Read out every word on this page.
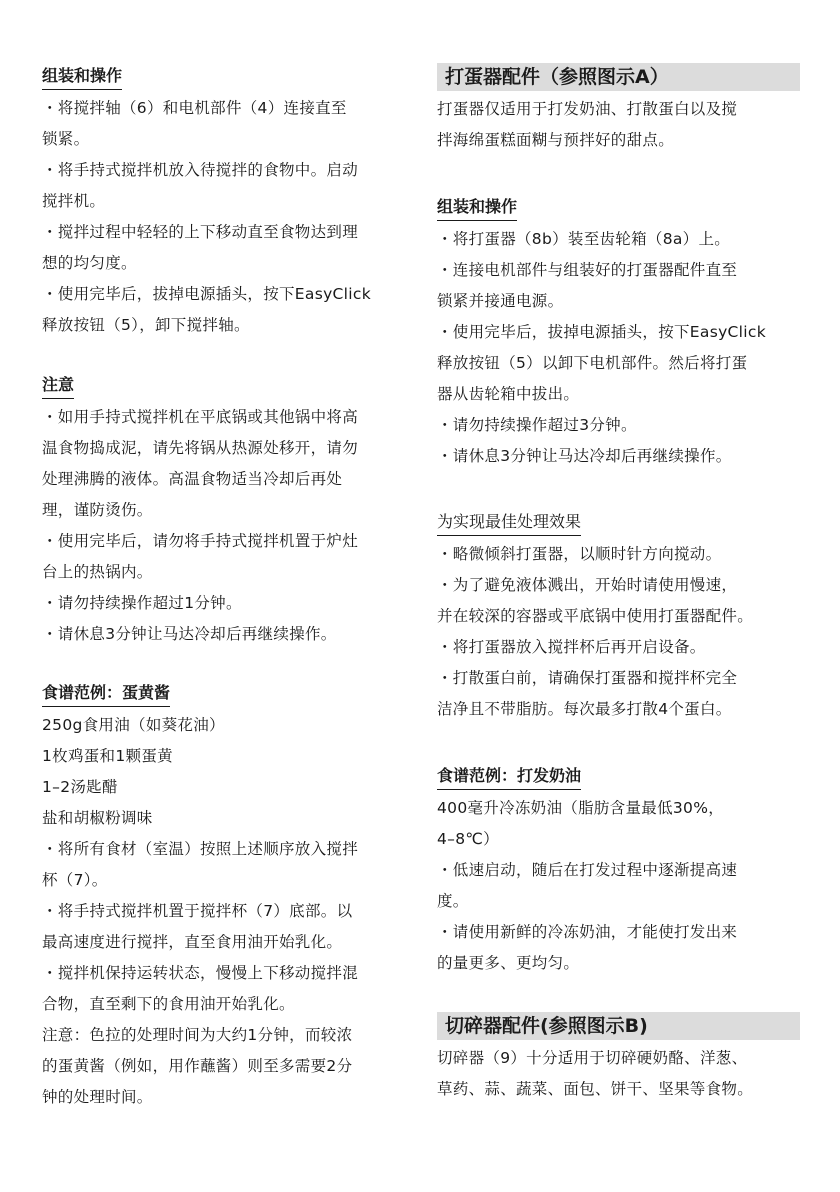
组装和操作
・将搅拌轴（6）和电机部件（4）连接直至
锁紧。
・将手持式搅拌机放入待搅拌的食物中。启动
搅拌机。
・搅拌过程中轻轻的上下移动直至食物达到理
想的均匀度。
・使用完毕后，拔掉电源插头，按下EasyClick
释放按钮（5），卸下搅拌轴。
注意
・如用手持式搅拌机在平底锅或其他锅中将高
温食物捣成泥，请先将锅从热源处移开，请勿
处理沸腾的液体。高温食物适当冷却后再处
理，谨防烫伤。
・使用完毕后，请勿将手持式搅拌机置于炉灶
台上的热锅内。
・请勿持续操作超过1分钟。
・请休息3分钟让马达冷却后再继续操作。
食谱范例：蛋黄酱
250g食用油（如葵花油）
1枚鸡蛋和1颗蛋黄
1–2汤匙醋
盐和胡椒粉调味
・将所有食材（室温）按照上述顺序放入搅拌
杯（7）。
・将手持式搅拌机置于搅拌杯（7）底部。以
最高速度进行搅拌，直至食用油开始乳化。
・搅拌机保持运转状态，慢慢上下移动搅拌混
合物，直至剩下的食用油开始乳化。
注意：色拉的处理时间为大约1分钟，而较浓
的蛋黄酱（例如，用作蘸酱）则至多需要2分
钟的处理时间。
打蛋器配件（参照图示A）
打蛋器仅适用于打发奶油、打散蛋白以及搅
拌海绵蛋糕面糊与预拌好的甜点。
组装和操作
・将打蛋器（8b）装至齿轮箱（8a）上。
・连接电机部件与组装好的打蛋器配件直至
锁紧并接通电源。
・使用完毕后，拔掉电源插头，按下EasyClick
释放按钮（5）以卸下电机部件。然后将打蛋
器从齿轮箱中拔出。
・请勿持续操作超过3分钟。
・请休息3分钟让马达冷却后再继续操作。
为实现最佳处理效果
・略微倾斜打蛋器，以顺时针方向搅动。
・为了避免液体溅出，开始时请使用慢速，
并在较深的容器或平底锅中使用打蛋器配件。
・将打蛋器放入搅拌杯后再开启设备。
・打散蛋白前，请确保打蛋器和搅拌杯完全
洁净且不带脂肪。每次最多打散4个蛋白。
食谱范例：打发奶油
400毫升冷冻奶油（脂肪含量最低30%，
4–8℃）
・低速启动，随后在打发过程中逐渐提高速
度。
・请使用新鲜的冷冻奶油，才能使打发出来
的量更多、更均匀。
切碎器配件(参照图示B)
切碎器（9）十分适用于切碎硬奶酪、洋葱、
草药、蒜、蔬菜、面包、饼干、坚果等食物。
